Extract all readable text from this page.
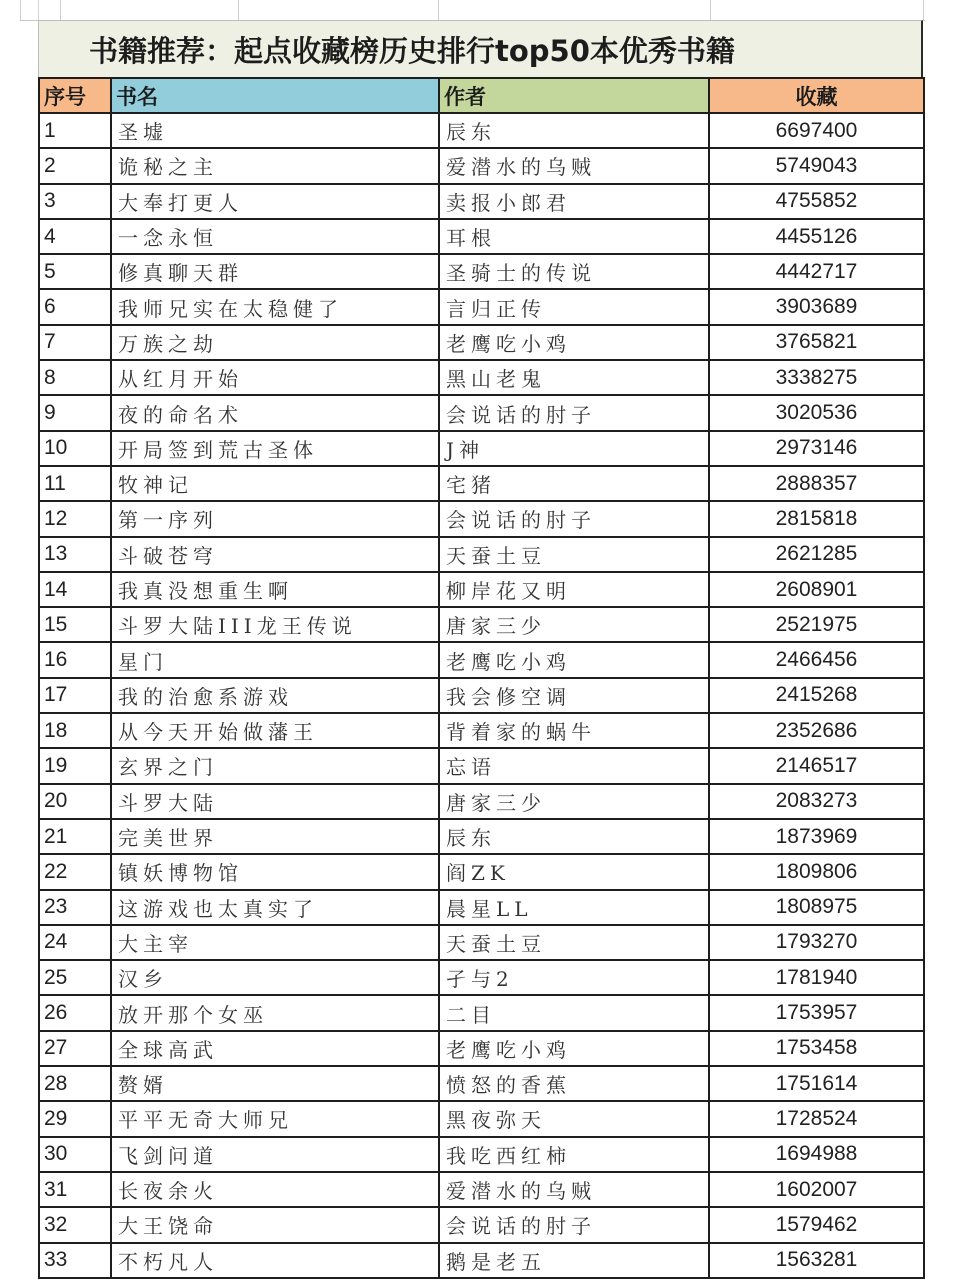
书籍推荐：起点收藏榜历史排行top50本优秀书籍
序号	书名	作者	收藏
1	圣墟	辰东	6697400
2	诡秘之主	爱潜水的乌贼	5749043
3	大奉打更人	卖报小郎君	4755852
4	一念永恒	耳根	4455126
5	修真聊天群	圣骑士的传说	4442717
6	我师兄实在太稳健了	言归正传	3903689
7	万族之劫	老鹰吃小鸡	3765821
8	从红月开始	黑山老鬼	3338275
9	夜的命名术	会说话的肘子	3020536
10	开局签到荒古圣体	J神	2973146
11	牧神记	宅猪	2888357
12	第一序列	会说话的肘子	2815818
13	斗破苍穹	天蚕土豆	2621285
14	我真没想重生啊	柳岸花又明	2608901
15	斗罗大陆III龙王传说	唐家三少	2521975
16	星门	老鹰吃小鸡	2466456
17	我的治愈系游戏	我会修空调	2415268
18	从今天开始做藩王	背着家的蜗牛	2352686
19	玄界之门	忘语	2146517
20	斗罗大陆	唐家三少	2083273
21	完美世界	辰东	1873969
22	镇妖博物馆	阎ZK	1809806
23	这游戏也太真实了	晨星LL	1808975
24	大主宰	天蚕土豆	1793270
25	汉乡	孑与2	1781940
26	放开那个女巫	二目	1753957
27	全球高武	老鹰吃小鸡	1753458
28	赘婿	愤怒的香蕉	1751614
29	平平无奇大师兄	黑夜弥天	1728524
30	飞剑问道	我吃西红柿	1694988
31	长夜余火	爱潜水的乌贼	1602007
32	大王饶命	会说话的肘子	1579462
33	不朽凡人	鹅是老五	1563281
